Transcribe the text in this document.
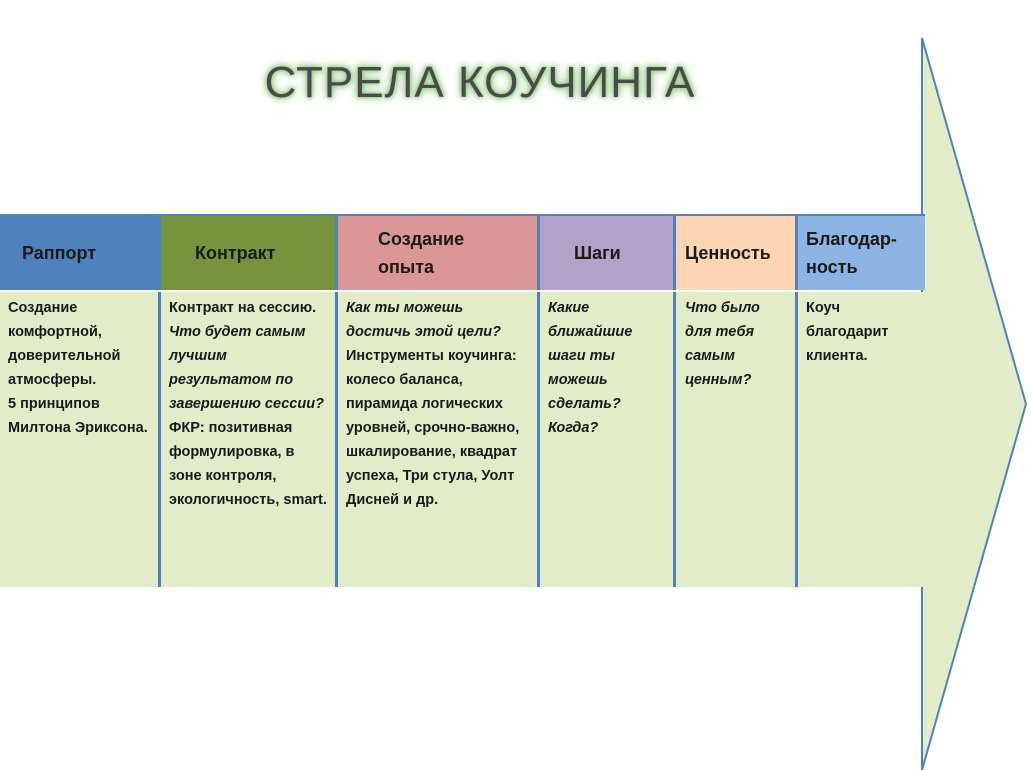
СТРЕЛА КОУЧИНГА
Раппорт	Контракт
Создание опыта
Шаги	Ценность
Благодар-ность

Создание комфортной, доверительной атмосферы.

5 принципов Милтона Эриксона.

Контракт на сессию.

Что будет самым лучшим результатом по завершению сессии?

ФКР: позитивная формулировка, в зоне контроля, экологичность, smart.

Как ты можешь достичь этой цели?

Инструменты коучинга: колесо баланса, пирамида логических уровней, срочно-важно, шкалирование, квадрат успеха, Три стула, Уолт Дисней и др.

Какие ближайшие шаги ты можешь сделать? Когда?

Что было для тебя самым ценным?

Коуч благодарит клиента.
